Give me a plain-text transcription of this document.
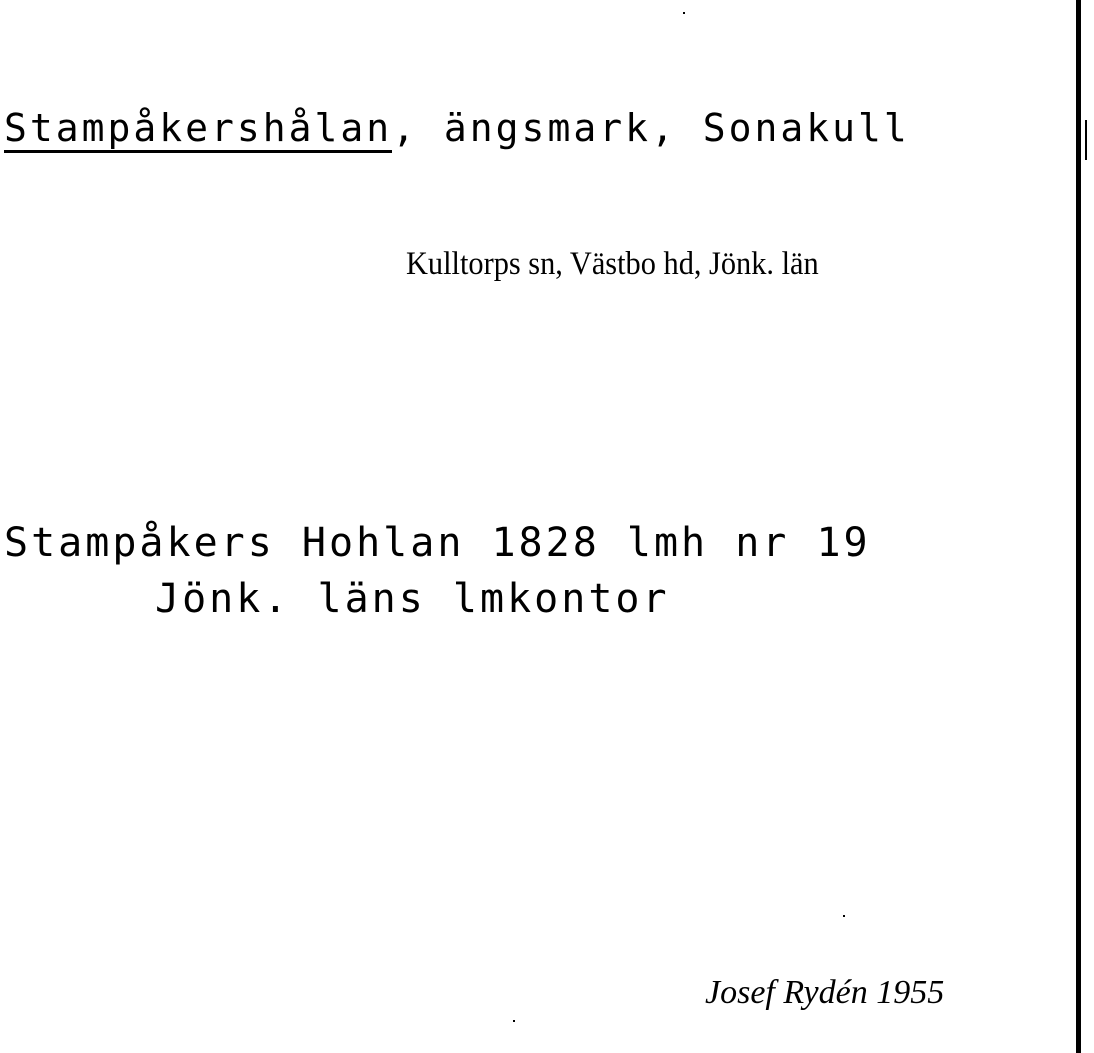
Stampåkershålan, ängsmark, Sonakull
Kulltorps sn, Västbo hd, Jönk. län
Stampåkers Hohlan 1828 lmh nr 19
Jönk. läns lmkontor
Josef Rydén 1955
